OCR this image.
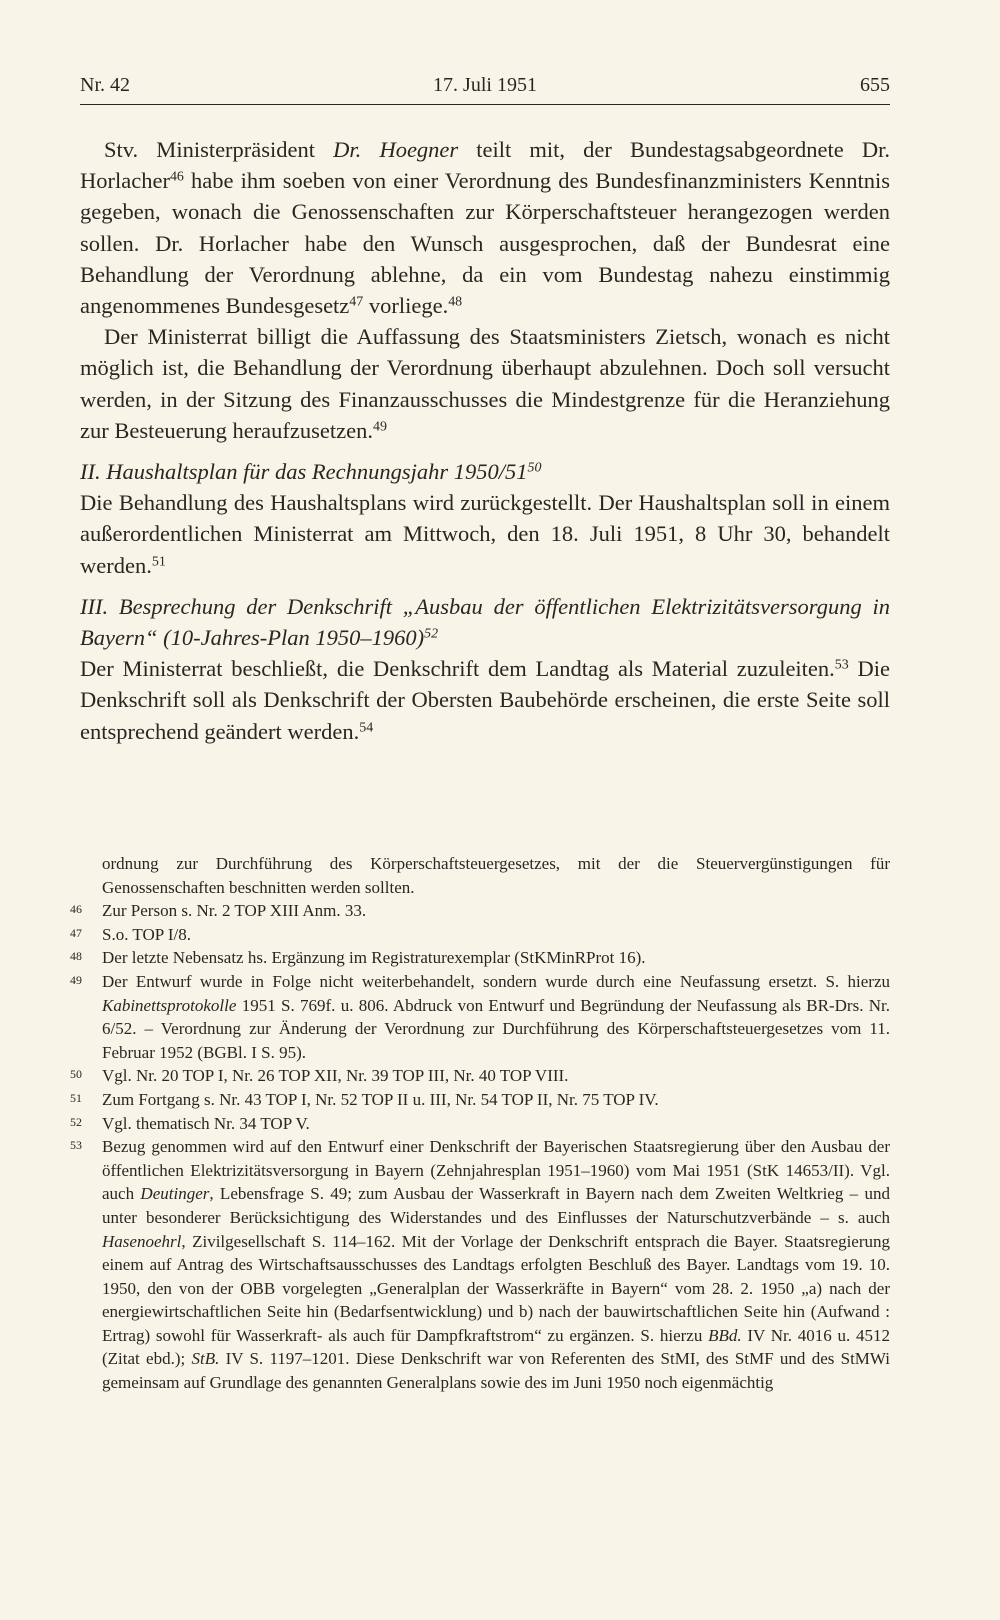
Nr. 42	17. Juli 1951	655

Stv. Ministerpräsident Dr. Hoegner teilt mit, der Bundestagsabgeordnete Dr. Horlacher$^{46}$ habe ihm soeben von einer Verordnung des Bundesfinanzministers Kenntnis gegeben, wonach die Genossenschaften zur Körperschaftsteuer herangezogen werden sollen. Dr. Horlacher habe den Wunsch ausgesprochen, daß der Bundesrat eine Behandlung der Verordnung ablehne, da ein vom Bundestag nahezu einstimmig angenommenes Bundesgesetz$^{47}$ vorliege.$^{48}$

Der Ministerrat billigt die Auffassung des Staatsministers Zietsch, wonach es nicht möglich ist, die Behandlung der Verordnung überhaupt abzulehnen. Doch soll versucht werden, in der Sitzung des Finanzausschusses die Mindestgrenze für die Heranziehung zur Besteuerung heraufzusetzen.$^{49}$

II. Haushaltsplan für das Rechnungsjahr $1950/51^{50}$

Die Behandlung des Haushaltsplans wird zurückgestellt. Der Haushaltsplan soll in einem außerordentlichen Ministerrat am Mittwoch, den 18. Juli 1951, 8 Uhr 30, behandelt werden.$^{51}$

III. Besprechung der Denkschrift „Ausbau der öffentlichen Elektrizitätsversorgung in Bayern“ (10-Jahres-Plan 1950–1960)$^{52}$

Der Ministerrat beschließt, die Denkschrift dem Landtag als Material zuzuleiten.$^{53}$ Die Denkschrift soll als Denkschrift der Obersten Baubehörde erscheinen, die erste Seite soll entsprechend geändert werden.$^{54}$

ordnung zur Durchführung des Körperschaftsteuergesetzes, mit der die Steuervergünstigungen für Genossenschaften beschnitten werden sollten.

46 Zur Person s. Nr. 2 TOP XIII Anm. 33.

47 S.o. TOP I/8.

48 Der letzte Nebensatz hs. Ergänzung im Registraturexemplar (StKMinRProt 16).

49 Der Entwurf wurde in Folge nicht weiterbehandelt, sondern wurde durch eine Neufassung ersetzt. S. hierzu Kabinettsprotokolle 1951 S. 769f. u. 806. Abdruck von Entwurf und Begründung der Neufassung als BR-Drs. Nr. 6/52. – Verordnung zur Änderung der Verordnung zur Durchführung des Körperschaftsteuergesetzes vom 11. Februar 1952 (BGBl. I S. 95).

50 Vgl. Nr. 20 TOP I, Nr. 26 TOP XII, Nr. 39 TOP III, Nr. 40 TOP VIII.

51 Zum Fortgang s. Nr. 43 TOP I, Nr. 52 TOP II u. III, Nr. 54 TOP II, Nr. 75 TOP IV.

52 Vgl. thematisch Nr. 34 TOP V.

53 Bezug genommen wird auf den Entwurf einer Denkschrift der Bayerischen Staatsregierung über den Ausbau der öffentlichen Elektrizitätsversorgung in Bayern (Zehnjahresplan 1951–1960) vom Mai 1951 (StK 14653/II). Vgl. auch Deutinger, Lebensfrage S. 49; zum Ausbau der Wasserkraft in Bayern nach dem Zweiten Weltkrieg – und unter besonderer Berücksichtigung des Widerstandes und des Einflusses der Naturschutzverbände – s. auch Hasenoehrl, Zivilgesellschaft S. 114–162. Mit der Vorlage der Denkschrift entsprach die Bayer. Staatsregierung einem auf Antrag des Wirtschaftsausschusses des Landtags erfolgten Beschluß des Bayer. Landtags vom 19. 10. 1950, den von der OBB vorgelegten „Generalplan der Wasserkräfte in Bayern“ vom 28. 2. 1950 „a) nach der energiewirtschaftlichen Seite hin (Bedarfsentwicklung) und b) nach der bauwirtschaftlichen Seite hin (Aufwand : Ertrag) sowohl für Wasserkraft- als auch für Dampfkraftstrom“ zu ergänzen. S. hierzu BBd. IV Nr. 4016 u. 4512 (Zitat ebd.); StB. IV S. 1197–1201. Diese Denkschrift war von Referenten des StMI, des StMF und des StMWi gemeinsam auf Grundlage des genannten Generalplans sowie des im Juni 1950 noch eigenmächtig
